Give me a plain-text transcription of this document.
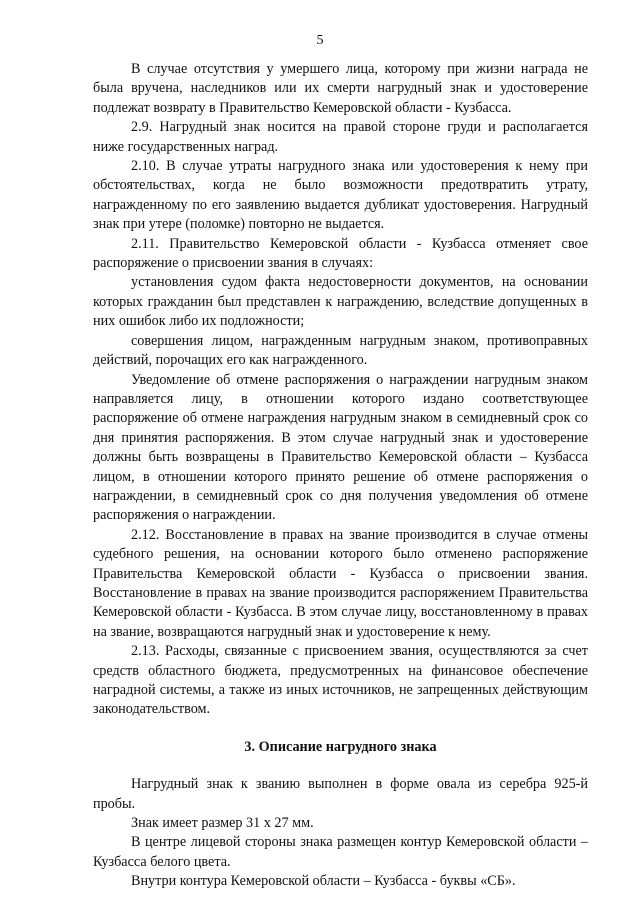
5

В случае отсутствия у умершего лица, которому при жизни награда не была вручена, наследников или их смерти нагрудный знак и удостоверение подлежат возврату в Правительство Кемеровской области - Кузбасса.

2.9. Нагрудный знак носится на правой стороне груди и располагается ниже государственных наград.

2.10. В случае утраты нагрудного знака или удостоверения к нему при обстоятельствах, когда не было возможности предотвратить утрату, награжденному по его заявлению выдается дубликат удостоверения. Нагрудный знак при утере (поломке) повторно не выдается.

2.11. Правительство Кемеровской области - Кузбасса отменяет свое распоряжение о присвоении звания в случаях:

установления судом факта недостоверности документов, на основании которых гражданин был представлен к награждению, вследствие допущенных в них ошибок либо их подложности;

совершения лицом, награжденным нагрудным знаком, противоправных действий, порочащих его как награжденного.

Уведомление об отмене распоряжения о награждении нагрудным знаком направляется лицу, в отношении которого издано соответствующее распоряжение об отмене награждения нагрудным знаком в семидневный срок со дня принятия распоряжения. В этом случае нагрудный знак и удостоверение должны быть возвращены в Правительство Кемеровской области – Кузбасса лицом, в отношении которого принято решение об отмене распоряжения о награждении, в семидневный срок со дня получения уведомления об отмене распоряжения о награждении.

2.12. Восстановление в правах на звание производится в случае отмены судебного решения, на основании которого было отменено распоряжение Правительства Кемеровской области - Кузбасса о присвоении звания. Восстановление в правах на звание производится распоряжением Правительства Кемеровской области - Кузбасса. В этом случае лицу, восстановленному в правах на звание, возвращаются нагрудный знак и удостоверение к нему.

2.13. Расходы, связанные с присвоением звания, осуществляются за счет средств областного бюджета, предусмотренных на финансовое обеспечение наградной системы, а также из иных источников, не запрещенных действующим законодательством.

3. Описание нагрудного знака

Нагрудный знак к званию выполнен в форме овала из серебра 925-й пробы.

Знак имеет размер 31 х 27 мм.

В центре лицевой стороны знака размещен контур Кемеровской области – Кузбасса белого цвета.

Внутри контура Кемеровской области – Кузбасса - буквы «СБ».
